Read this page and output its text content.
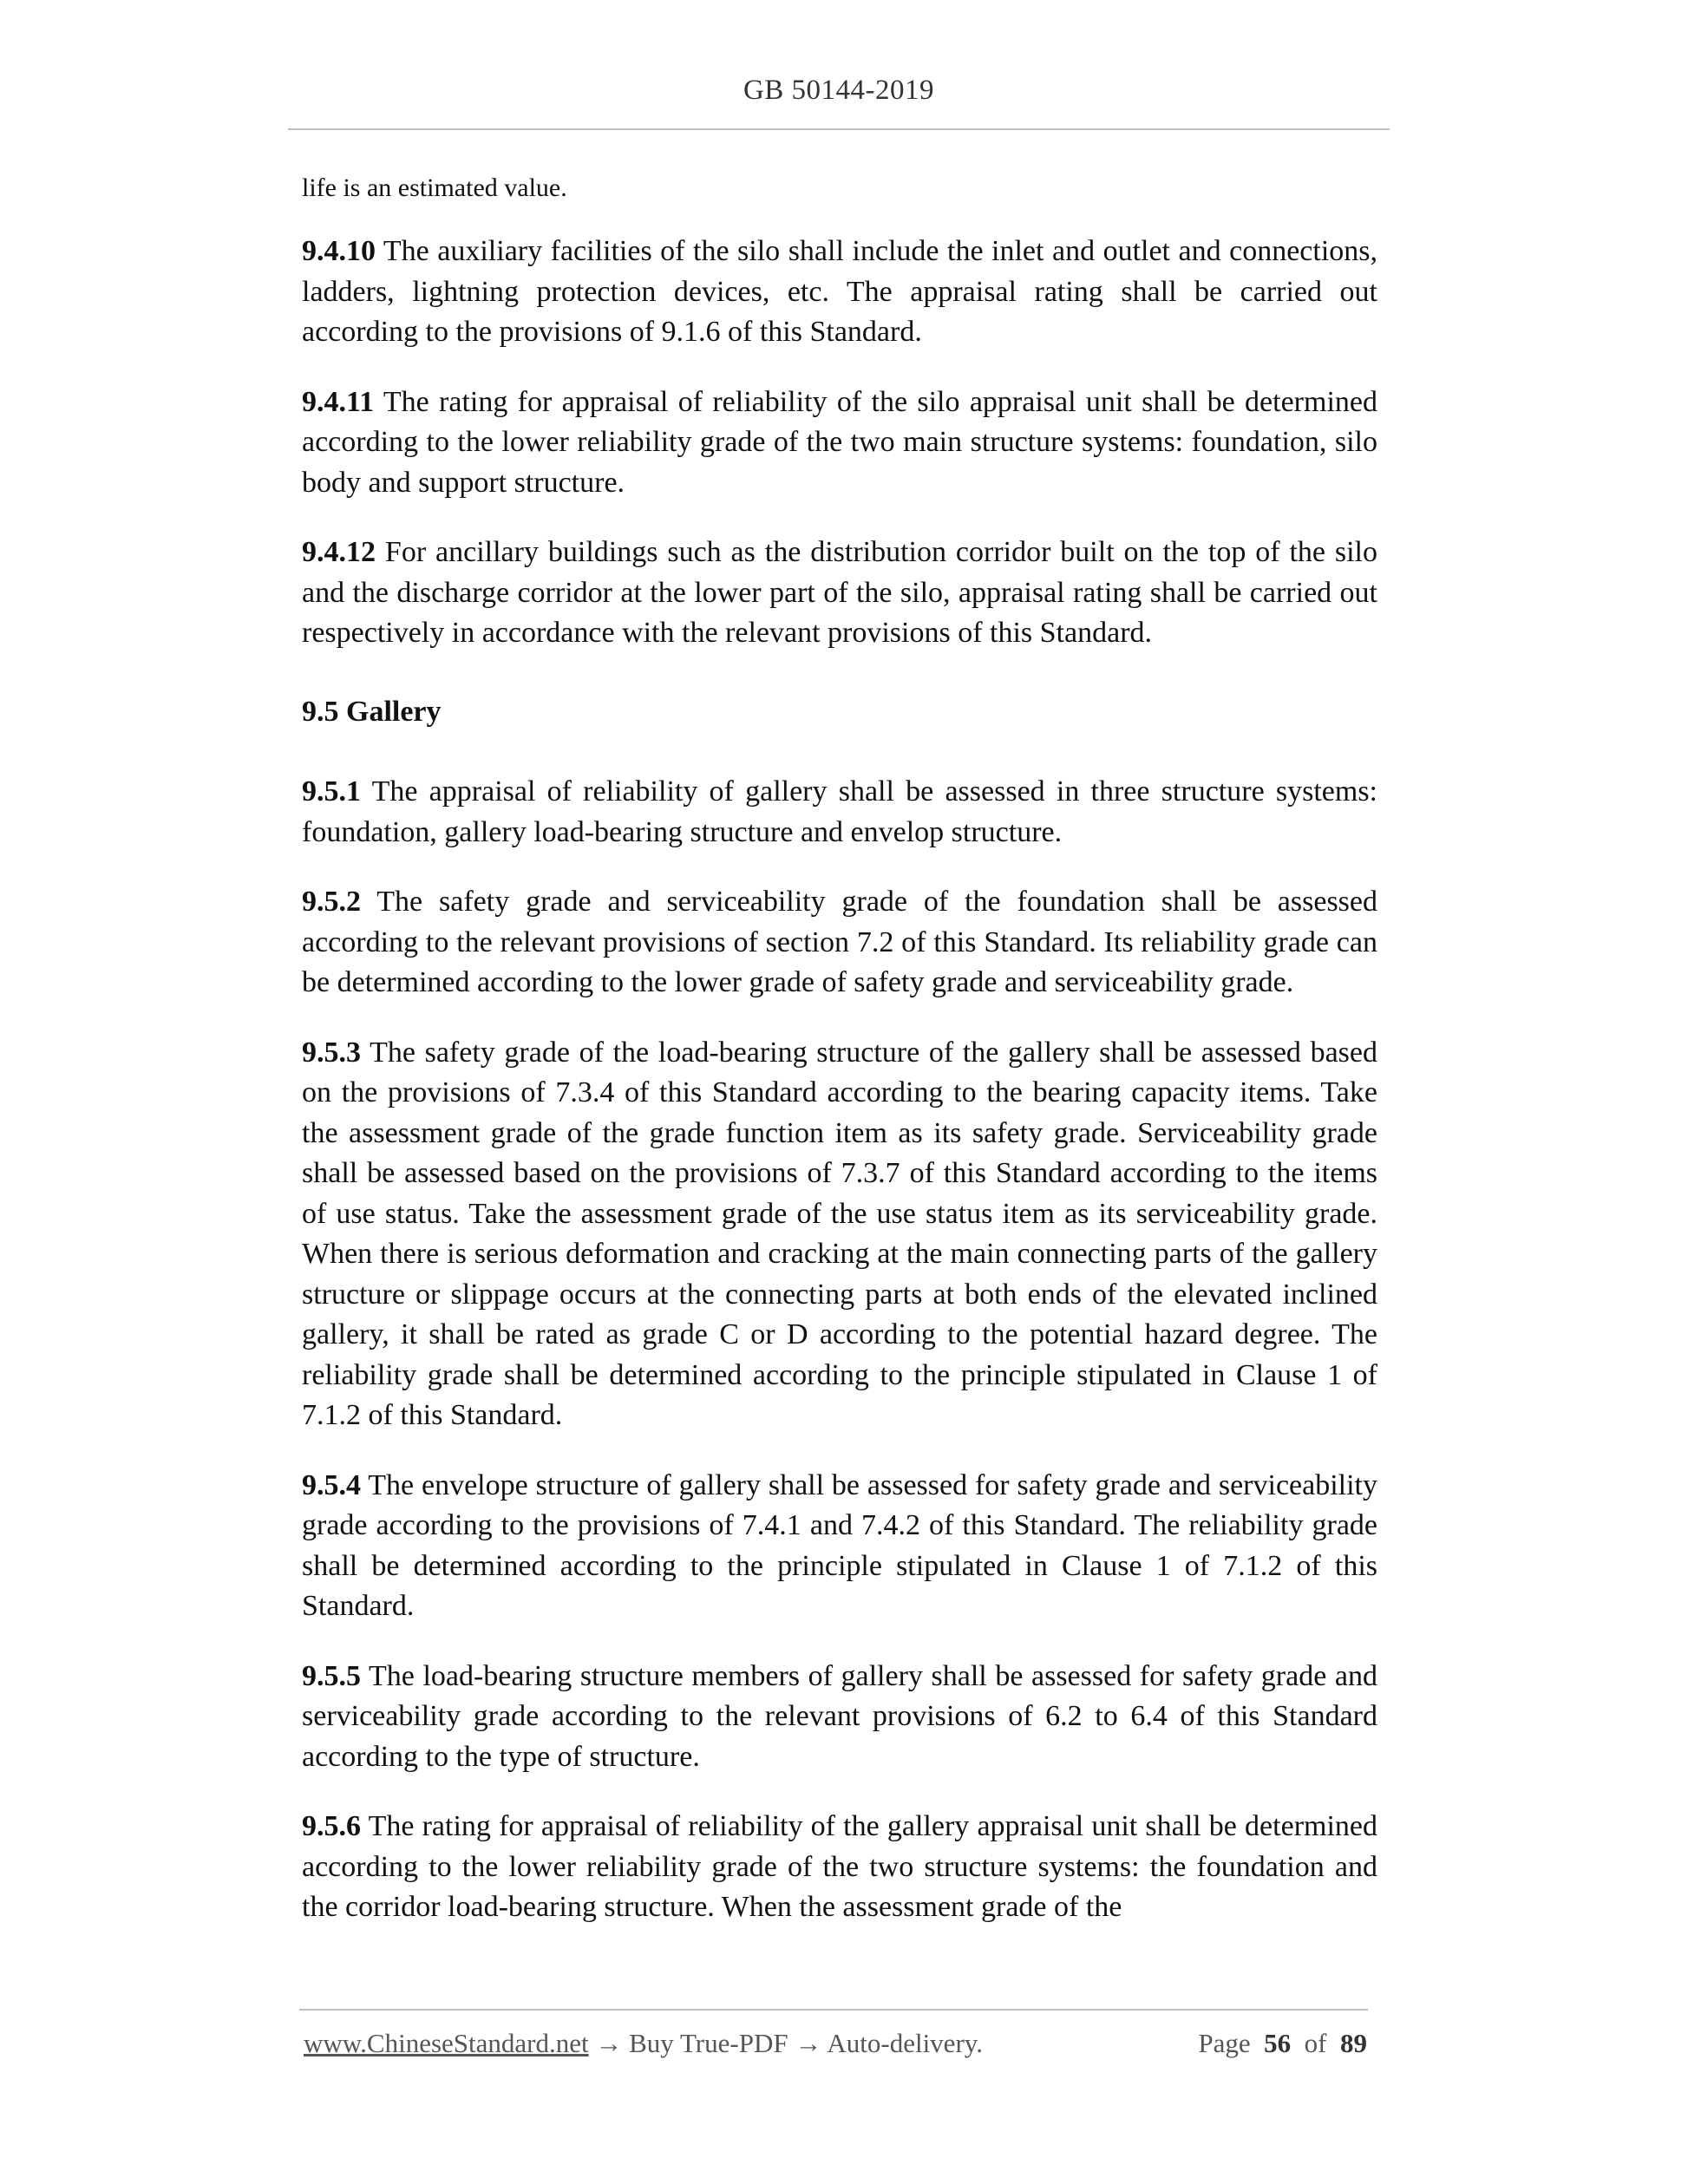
GB 50144-2019

life is an estimated value.

9.4.10 The auxiliary facilities of the silo shall include the inlet and outlet and connections, ladders, lightning protection devices, etc. The appraisal rating shall be carried out according to the provisions of 9.1.6 of this Standard.

9.4.11 The rating for appraisal of reliability of the silo appraisal unit shall be determined according to the lower reliability grade of the two main structure systems: foundation, silo body and support structure.

9.4.12 For ancillary buildings such as the distribution corridor built on the top of the silo and the discharge corridor at the lower part of the silo, appraisal rating shall be carried out respectively in accordance with the relevant provisions of this Standard.

9.5 Gallery

9.5.1 The appraisal of reliability of gallery shall be assessed in three structure systems: foundation, gallery load-bearing structure and envelop structure.

9.5.2 The safety grade and serviceability grade of the foundation shall be assessed according to the relevant provisions of section 7.2 of this Standard. Its reliability grade can be determined according to the lower grade of safety grade and serviceability grade.

9.5.3 The safety grade of the load-bearing structure of the gallery shall be assessed based on the provisions of 7.3.4 of this Standard according to the bearing capacity items. Take the assessment grade of the grade function item as its safety grade. Serviceability grade shall be assessed based on the provisions of 7.3.7 of this Standard according to the items of use status. Take the assessment grade of the use status item as its serviceability grade. When there is serious deformation and cracking at the main connecting parts of the gallery structure or slippage occurs at the connecting parts at both ends of the elevated inclined gallery, it shall be rated as grade C or D according to the potential hazard degree. The reliability grade shall be determined according to the principle stipulated in Clause 1 of 7.1.2 of this Standard.

9.5.4 The envelope structure of gallery shall be assessed for safety grade and serviceability grade according to the provisions of 7.4.1 and 7.4.2 of this Standard. The reliability grade shall be determined according to the principle stipulated in Clause 1 of 7.1.2 of this Standard.

9.5.5 The load-bearing structure members of gallery shall be assessed for safety grade and serviceability grade according to the relevant provisions of 6.2 to 6.4 of this Standard according to the type of structure.

9.5.6 The rating for appraisal of reliability of the gallery appraisal unit shall be determined according to the lower reliability grade of the two structure systems: the foundation and the corridor load-bearing structure. When the assessment grade of the

www.ChineseStandard.net → Buy True-PDF → Auto-delivery.	Page 56 of 89
